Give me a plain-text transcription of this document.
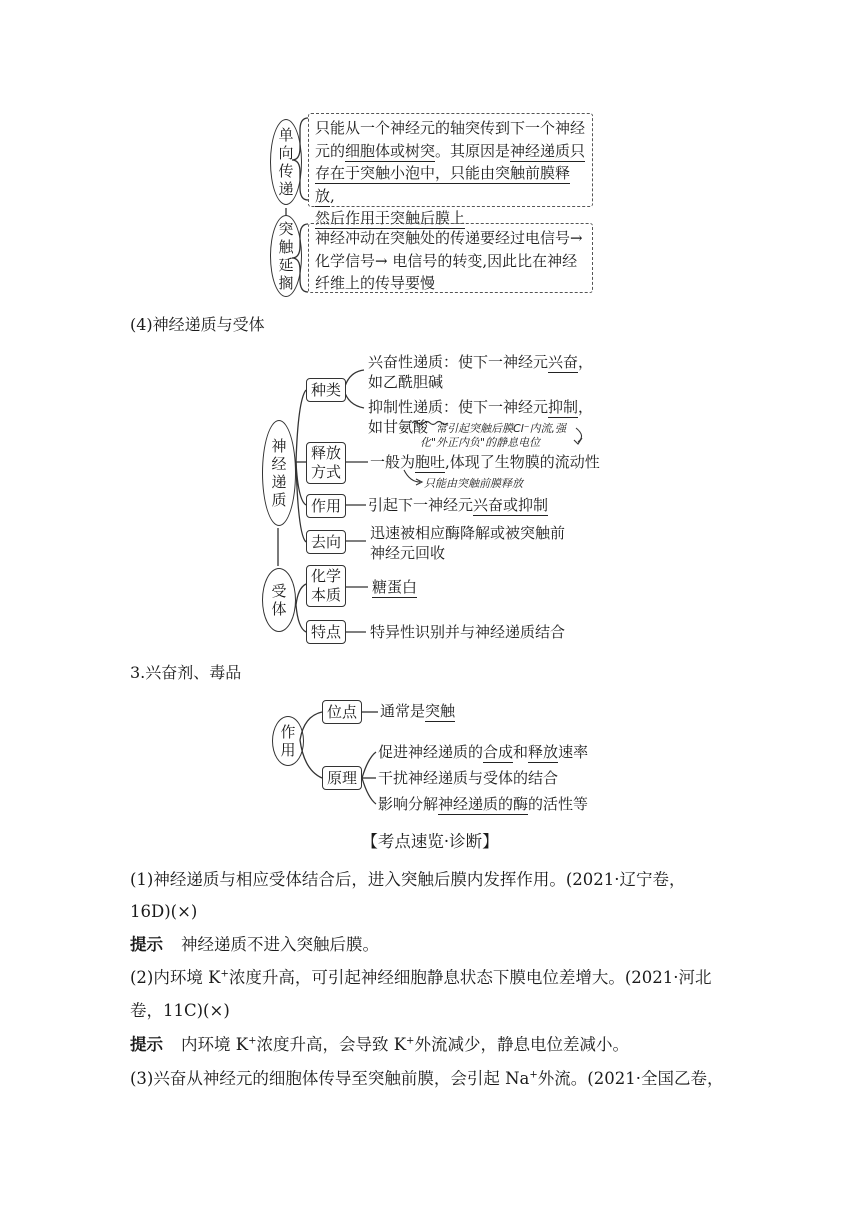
单向传递
只能从一个神经元的轴突传到下一个神经
元的细胞体或树突。其原因是神经递质只
存在于突触小泡中，只能由突触前膜释放,
然后作用于突触后膜上
突触延搁
神经冲动在突触处的传递要经过电信号→
化学信号→ 电信号的转变,因此比在神经
纤维上的传导要慢
(4)神经递质与受体
神经递质
受体
种类
释放方式
作用
去向
化学本质
特点
兴奋性递质：使下一神经元兴奋，
如乙酰胆碱
抑制性递质：使下一神经元抑制，
如甘氨酸 常引起突触后膜Cl⁻内流,强
化"外正内负"的静息电位
一般为胞吐,体现了生物膜的流动性
只能由突触前膜释放
引起下一神经元兴奋或抑制
迅速被相应酶降解或被突触前
神经元回收
糖蛋白
特异性识别并与神经递质结合
3.兴奋剂、毒品
作用
位点
原理
通常是突触
促进神经递质的合成和释放速率
干扰神经递质与受体的结合
影响分解神经递质的酶的活性等
【考点速览·诊断】
(1)神经递质与相应受体结合后，进入突触后膜内发挥作用。(2021·辽宁卷，
16D)(×)
提示 神经递质不进入突触后膜。
(2)内环境 K+浓度升高，可引起神经细胞静息状态下膜电位差增大。(2021·河北
卷，11C)(×)
提示 内环境 K+浓度升高，会导致 K+外流减少，静息电位差减小。
(3)兴奋从神经元的细胞体传导至突触前膜，会引起 Na+外流。(2021·全国乙卷，
